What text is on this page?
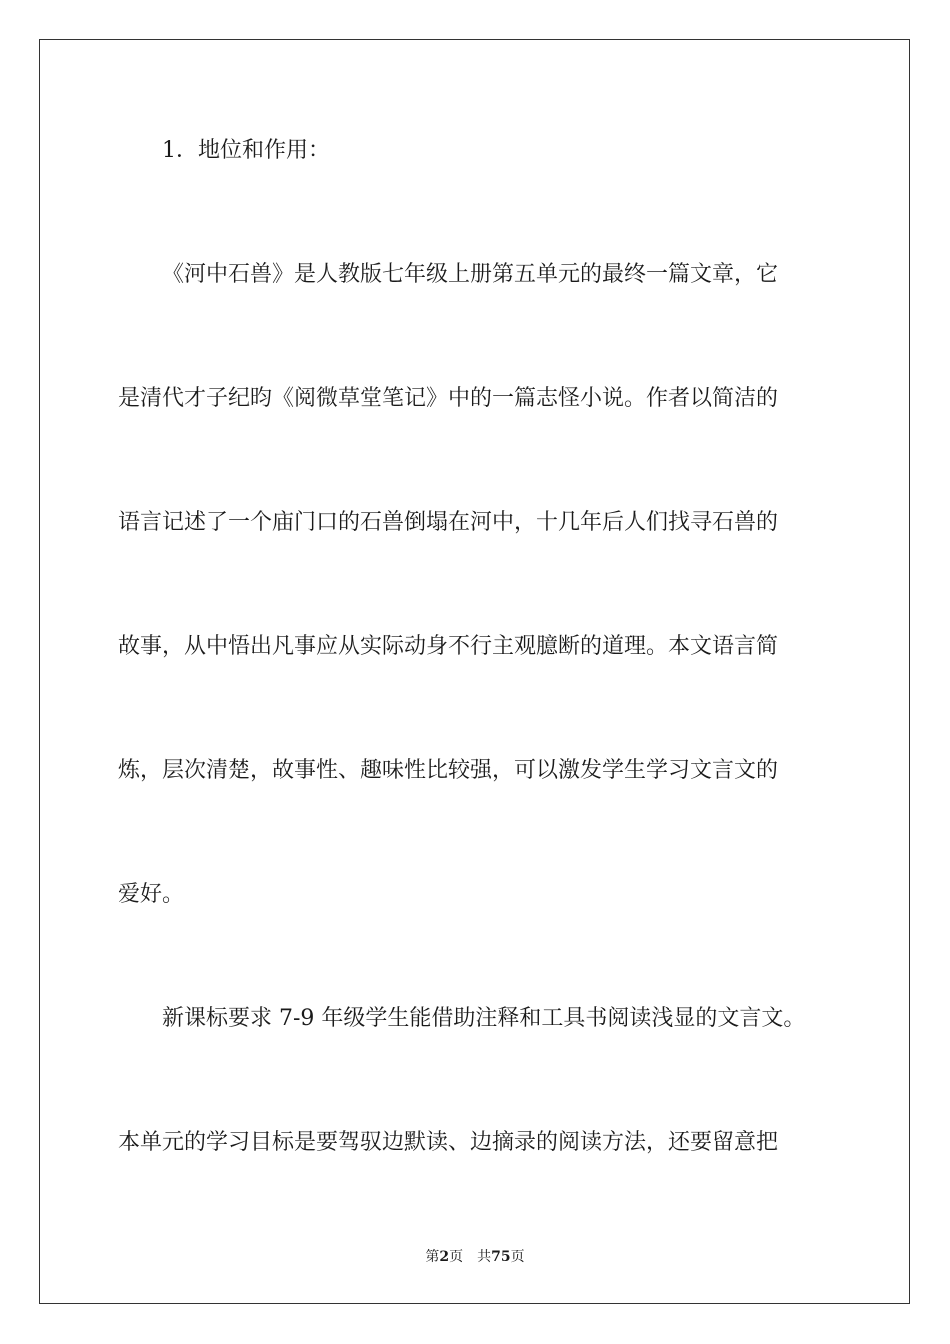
1．地位和作用：
《河中石兽》是人教版七年级上册第五单元的最终一篇文章，它
是清代才子纪昀《阅微草堂笔记》中的一篇志怪小说。作者以简洁的
语言记述了一个庙门口的石兽倒塌在河中，十几年后人们找寻石兽的
故事，从中悟出凡事应从实际动身不行主观臆断的道理。本文语言简
炼，层次清楚，故事性、趣味性比较强，可以激发学生学习文言文的
爱好。
新课标要求 7-9 年级学生能借助注释和工具书阅读浅显的文言文。
本单元的学习目标是要驾驭边默读、边摘录的阅读方法，还要留意把
第2页 共75页
